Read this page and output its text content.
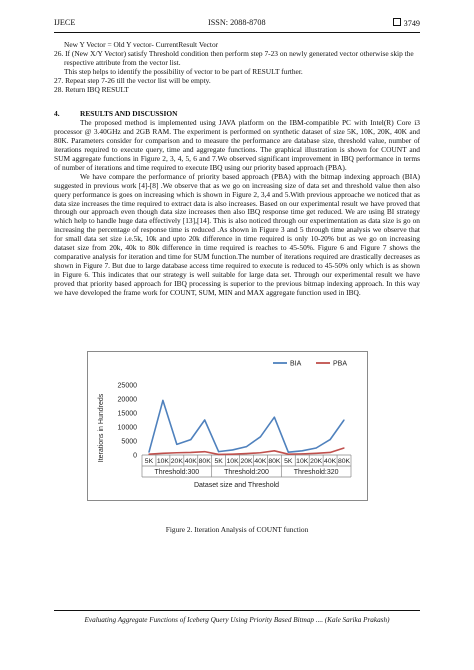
IJECE	ISSN: 2088-8708	3749

New Y Vector = Old Y vector- CurrentResult Vector

26. If (New X/Y Vector) satisfy Threshold condition then perform step 7-23 on newly generated vector otherwise skip the respective attribute from the vector list.

This step helps to identify the possibility of vector to be part of RESULT further.

27. Repeat step 7-26 till the vector list will be empty.

28. Return IBQ RESULT

4.	RESULTS AND DISCUSSION

The proposed method is implemented using JAVA platform on the IBM-compatible PC with Intel(R) Core i3 processor @ 3.40GHz and 2GB RAM. The experiment is performed on synthetic dataset of size 5K, 10K, 20K, 40K and 80K. Parameters consider for comparison and to measure the performance are database size, threshold value, number of iterations required to execute query, time and aggregate functions. The graphical illustration is shown for COUNT and SUM aggregate functions in Figure 2, 3, 4, 5, 6 and 7.We observed significant improvement in IBQ performance in terms of number of iterations and time required to execute IBQ using our priority based approach (PBA).

We have compare the performance of priority based approach (PBA) with the bitmap indexing approach (BIA) suggested in previous work [4]-[8] .We observe that as we go on increasing size of data set and threshold value then also query performance is goes on increasing which is shown in Figure 2, 3,4 and 5.With previous approache we noticed that as data size increases the time required to extract data is also increases. Based on our experimental result we have proved that through our approach even though data size increases then also IBQ response time get reduced. We are using BI strategy which help to handle huge data effectively [13],[14]. This is also noticed through our experimentation as data size is go on increasing the percentage of response time is reduced .As shown in Figure 3 and 5 through time analysis we observe that for small data set size i.e.5k, 10k and upto 20k difference in time required is only 10-20% but as we go on increasing dataset size from 20k, 40k to 80k difference in time required is reaches to 45-50%. Figure 6 and Figure 7 shows the comparative analysis for iteration and time for SUM function.The number of iterations required are drastically decreases as shown in Figure 7. But due to large database access time required to execute is reduced to 45-50% only which is as shown in Figure 6. This indicates that our strategy is well suitable for large data set. Through our experimental result we have proved that priority based approach for IBQ processing is superior to the previous bitmap indexing approach. In this way we have developed the frame work for COUNT, SUM, MIN and MAX aggregate function used in IBQ.

0
5000
10000
15000
20000
25000
Iterations in Hundreds	5K 10K 20K 40K 80K 5K 10K 20K 40K 80K 5K 10K 20K 40K 80K
Threshold:300	Threshold:200	Threshold:320
Dataset size and Threshold
BIA	PBA
Figure 2. Iteration Analysis of COUNT function
Evaluating Aggregate Functions of Iceberg Query Using Priority Based Bitmap .... (Kale Sarika Prakash)
